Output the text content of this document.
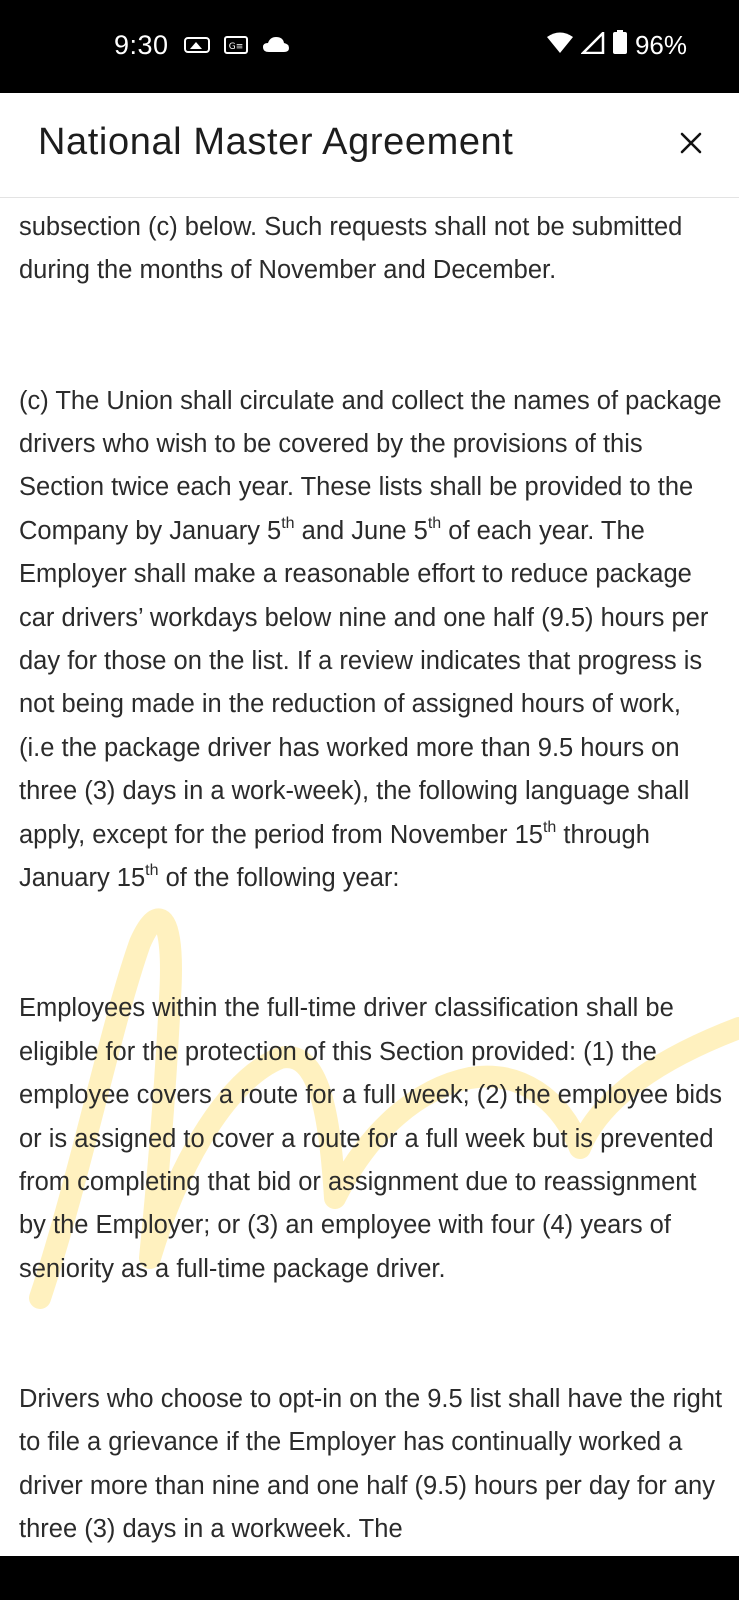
9:30	G≡	96%
National Master Agreement

subsection (c) below. Such requests shall not be submitted during the months of November and December.

(c) The Union shall circulate and collect the names of package drivers who wish to be covered by the provisions of this Section twice each year. These lists shall be provided to the Company by January 5th and June 5th of each year. The Employer shall make a reasonable effort to reduce package car drivers’ workdays below nine and one half (9.5) hours per day for those on the list. If a review indicates that progress is not being made in the reduction of assigned hours of work, (i.e the package driver has worked more than 9.5 hours on three (3) days in a work-week), the following language shall apply, except for the period from November 15th through January 15th of the following year:

Employees within the full-time driver classification shall be eligible for the protection of this Section provided: (1) the employee covers a route for a full week; (2) the employee bids or is assigned to cover a route for a full week but is prevented from completing that bid or assignment due to reassignment by the Employer; or (3) an employee with four (4) years of seniority as a full-time package driver.

Drivers who choose to opt-in on the 9.5 list shall have the right to file a grievance if the Employer has continually worked a driver more than nine and one half (9.5) hours per day for any three (3) days in a workweek. The
